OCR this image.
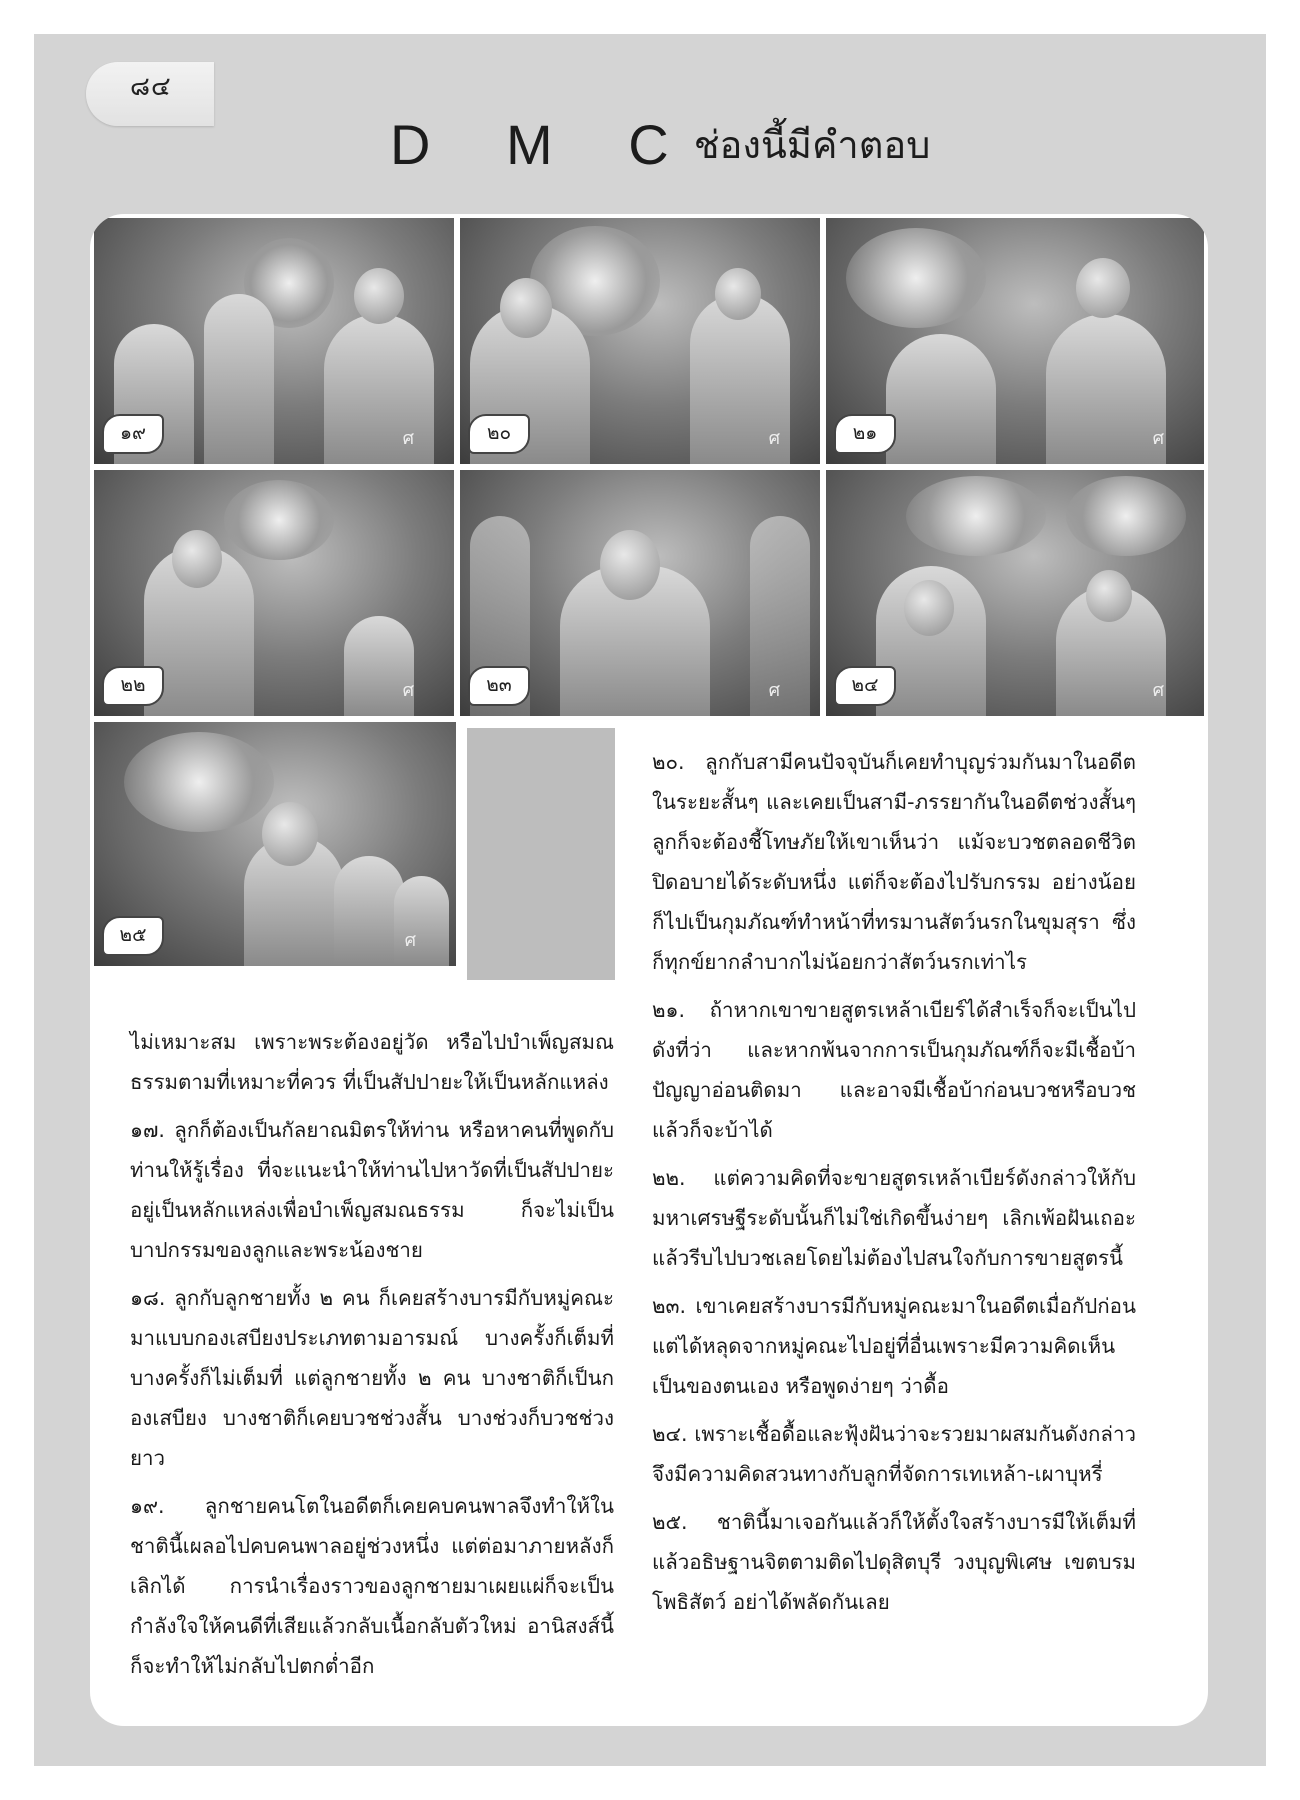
๘๔
D M C ช่องนี้มีคำตอบ
๑๙	ศ	๒๐	ศ	๒๑	ศ
๒๒	ศ	๒๓	ศ	๒๔	ศ
๒๕	ศ

ไม่เหมาะสม เพราะพระต้องอยู่วัด หรือไปบำเพ็ญสมณธรรมตามที่เหมาะที่ควร ที่เป็นสัปปายะให้เป็นหลักแหล่ง

๑๗. ลูกก็ต้องเป็นกัลยาณมิตรให้ท่าน หรือหาคนที่พูดกับท่านให้รู้เรื่อง ที่จะแนะนำให้ท่านไปหาวัดที่เป็นสัปปายะอยู่เป็นหลักแหล่งเพื่อบำเพ็ญสมณธรรม ก็จะไม่เป็นบาปกรรมของลูกและพระน้องชาย

๑๘. ลูกกับลูกชายทั้ง ๒ คน ก็เคยสร้างบารมีกับหมู่คณะมาแบบกองเสบียงประเภทตามอารมณ์ บางครั้งก็เต็มที่ บางครั้งก็ไม่เต็มที่ แต่ลูกชายทั้ง ๒ คน บางชาติก็เป็นกองเสบียง บางชาติก็เคยบวชช่วงสั้น บางช่วงก็บวชช่วงยาว

๑๙. ลูกชายคนโตในอดีตก็เคยคบคนพาลจึงทำให้ในชาตินี้เผลอไปคบคนพาลอยู่ช่วงหนึ่ง แต่ต่อมาภายหลังก็เลิกได้ การนำเรื่องราวของลูกชายมาเผยแผ่ก็จะเป็นกำลังใจให้คนดีที่เสียแล้วกลับเนื้อกลับตัวใหม่ อานิสงส์นี้ก็จะทำให้ไม่กลับไปตกต่ำอีก

๒๐. ลูกกับสามีคนปัจจุบันก็เคยทำบุญร่วมกันมาในอดีตในระยะสั้นๆ และเคยเป็นสามี-ภรรยากันในอดีตช่วงสั้นๆ ลูกก็จะต้องชี้โทษภัยให้เขาเห็นว่า แม้จะบวชตลอดชีวิตปิดอบายได้ระดับหนึ่ง แต่ก็จะต้องไปรับกรรม อย่างน้อยก็ไปเป็นกุมภัณฑ์ทำหน้าที่ทรมานสัตว์นรกในขุมสุรา ซึ่งก็ทุกข์ยากลำบากไม่น้อยกว่าสัตว์นรกเท่าไร

๒๑. ถ้าหากเขาขายสูตรเหล้าเบียร์ได้สำเร็จก็จะเป็นไปดังที่ว่า และหากพ้นจากการเป็นกุมภัณฑ์ก็จะมีเชื้อบ้า ปัญญาอ่อนติดมา และอาจมีเชื้อบ้าก่อนบวชหรือบวชแล้วก็จะบ้าได้

๒๒. แต่ความคิดที่จะขายสูตรเหล้าเบียร์ดังกล่าวให้กับมหาเศรษฐีระดับนั้นก็ไม่ใช่เกิดขึ้นง่ายๆ เลิกเพ้อฝันเถอะ แล้วรีบไปบวชเลยโดยไม่ต้องไปสนใจกับการขายสูตรนี้

๒๓. เขาเคยสร้างบารมีกับหมู่คณะมาในอดีตเมื่อกัปก่อน แต่ได้หลุดจากหมู่คณะไปอยู่ที่อื่นเพราะมีความคิดเห็นเป็นของตนเอง หรือพูดง่ายๆ ว่าดื้อ

๒๔. เพราะเชื้อดื้อและฟุ้งฝันว่าจะรวยมาผสมกันดังกล่าวจึงมีความคิดสวนทางกับลูกที่จัดการเทเหล้า-เผาบุหรี่

๒๕. ชาตินี้มาเจอกันแล้วก็ให้ตั้งใจสร้างบารมีให้เต็มที่ แล้วอธิษฐานจิตตามติดไปดุสิตบุรี วงบุญพิเศษ เขตบรมโพธิสัตว์ อย่าได้พลัดกันเลย
